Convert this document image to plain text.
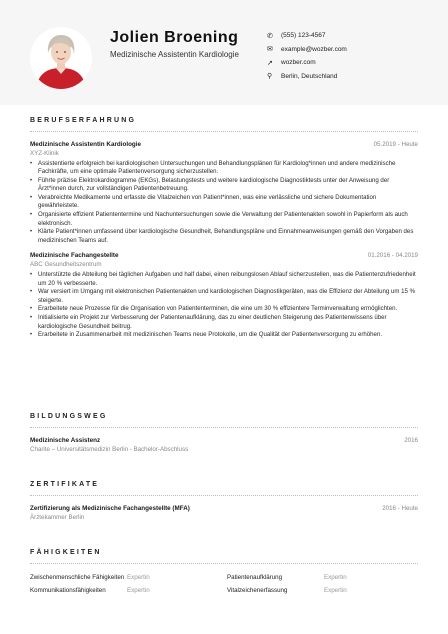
Jolien Broening
Medizinische Assistentin Kardiologie
✆	(555) 123-4567
✉	example@wozber.com
↗	wozber.com
⚲	Berlin, Deutschland
BERUFSERFAHRUNG
Medizinische Assistentin Kardiologie	05.2019 - Heute
XYZ-Klinik
• Assistentierte erfolgreich bei kardiologischen Untersuchungen und Behandlungsplänen für Kardiolog*innen und andere medizinische Fachkräfte, um eine optimale Patientenversorgung sicherzustellen.
• Führte präzise Elektrokardiogramme (EKGs), Belastungstests und weitere kardiologische Diagnostiktests unter der Anweisung der Ärzt*innen durch, zur vollständigen Patientenbetreuung.
• Verabreichte Medikamente und erfasste die Vitalzeichen von Patient*innen, was eine verlässliche und sichere Dokumentation gewährleistete.
• Organisierte effizient Patiententermine und Nachuntersuchungen sowie die Verwaltung der Patientenakten sowohl in Papierform als auch elektronisch.
• Klärte Patient*innen umfassend über kardiologische Gesundheit, Behandlungspläne und Einnahmeanweisungen gemäß den Vorgaben des medizinischen Teams auf.
Medizinische Fachangestellte	01.2016 - 04.2019
ABC Gesundheitszentrum
• Unterstützte die Abteilung bei täglichen Aufgaben und half dabei, einen reibungslosen Ablauf sicherzustellen, was die Patientenzufriedenheit um 20 % verbesserte.
• War versiert im Umgang mit elektronischen Patientenakten und kardiologischen Diagnostikgeräten, was die Effizienz der Abteilung um 15 % steigerte.
• Erarbeitete neue Prozesse für die Organisation von Patiententerminen, die eine um 30 % effizientere Terminverwaltung ermöglichten.
• Initialisierte ein Projekt zur Verbesserung der Patientenaufklärung, das zu einer deutlichen Steigerung des Patientenwissens über kardiologische Gesundheit beitrug.
• Erarbeitete in Zusammenarbeit mit medizinischen Teams neue Protokolle, um die Qualität der Patientenversorgung zu erhöhen.
BILDUNGSWEG
Medizinische Assistenz	2016
Charite – Universitätsmedizin Berlin - Bachelor-Abschluss
ZERTIFIKATE
Zertifizierung als Medizinische Fachangestellte (MFA)	2016 - Heute
Ärztekammer Berlin
FÄHIGKEITEN
Zwischenmenschliche Fähigkeiten Expertin	Patientenaufklärung	Expertin
Kommunikationsfähigkeiten	Expertin	Vitalzeichenerfassung	Expertin
